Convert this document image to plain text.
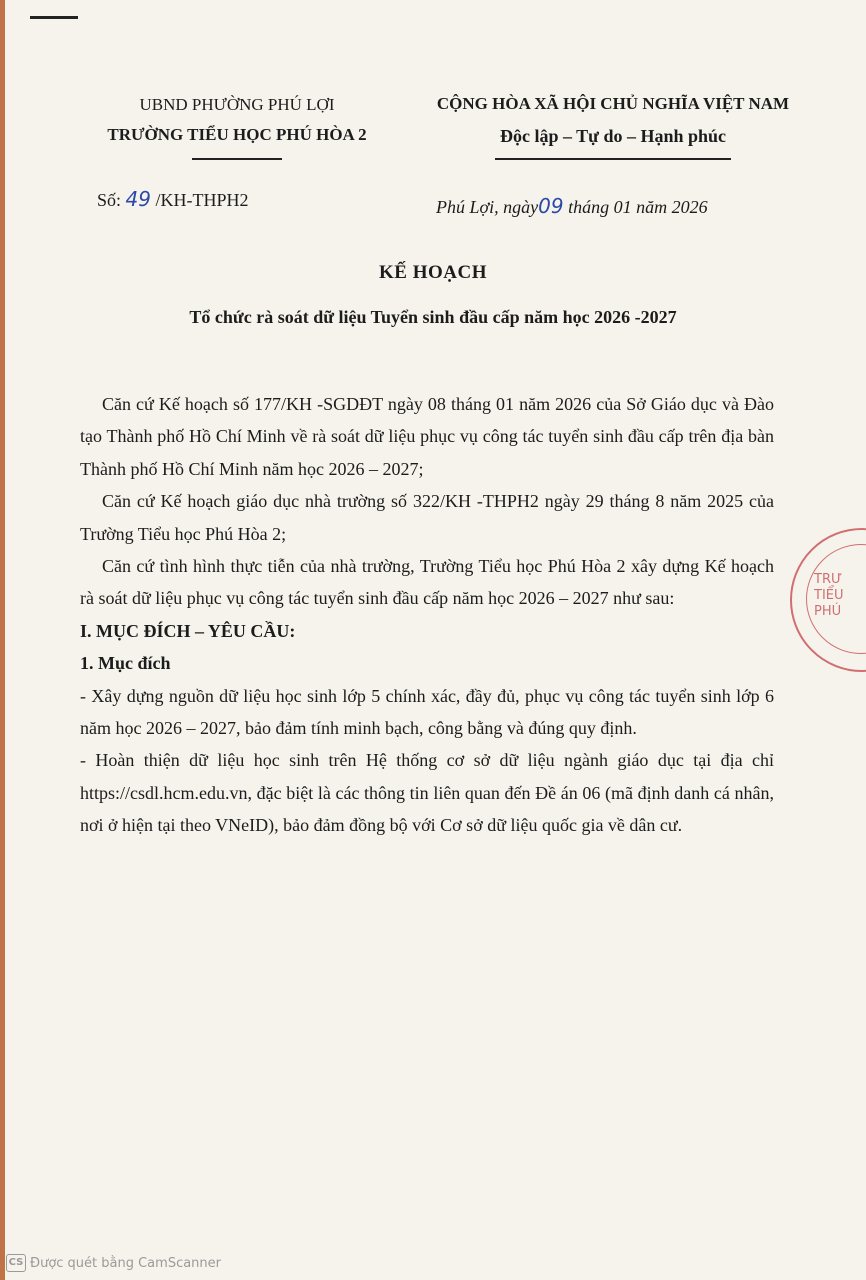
UBND PHƯỜNG PHÚ LỢI
TRƯỜNG TIỂU HỌC PHÚ HÒA 2
CỘNG HÒA XÃ HỘI CHỦ NGHĨA VIỆT NAM
Độc lập – Tự do – Hạnh phúc
Số: 49 /KH-THPH2	Phú Lợi, ngày09 tháng 01 năm 2026
KẾ HOẠCH
Tổ chức rà soát dữ liệu Tuyển sinh đầu cấp năm học 2026 -2027

Căn cứ Kế hoạch số 177/KH -SGDĐT ngày 08 tháng 01 năm 2026 của Sở Giáo dục và Đào tạo Thành phố Hồ Chí Minh về rà soát dữ liệu phục vụ công tác tuyển sinh đầu cấp trên địa bàn Thành phố Hồ Chí Minh năm học 2026 – 2027;

Căn cứ Kế hoạch giáo dục nhà trường số 322/KH -THPH2 ngày 29 tháng 8 năm 2025 của Trường Tiểu học Phú Hòa 2;

Căn cứ tình hình thực tiễn của nhà trường, Trường Tiểu học Phú Hòa 2 xây dựng Kế hoạch rà soát dữ liệu phục vụ công tác tuyển sinh đầu cấp năm học 2026 – 2027 như sau:

I. MỤC ĐÍCH – YÊU CẦU:

1. Mục đích

- Xây dựng nguồn dữ liệu học sinh lớp 5 chính xác, đầy đủ, phục vụ công tác tuyển sinh lớp 6 năm học 2026 – 2027, bảo đảm tính minh bạch, công bằng và đúng quy định.

- Hoàn thiện dữ liệu học sinh trên Hệ thống cơ sở dữ liệu ngành giáo dục tại địa chỉ https://csdl.hcm.edu.vn, đặc biệt là các thông tin liên quan đến Đề án 06 (mã định danh cá nhân, nơi ở hiện tại theo VNeID), bảo đảm đồng bộ với Cơ sở dữ liệu quốc gia về dân cư.

TRƯ
TIỂU
PHÚ
CS Được quét bằng CamScanner
